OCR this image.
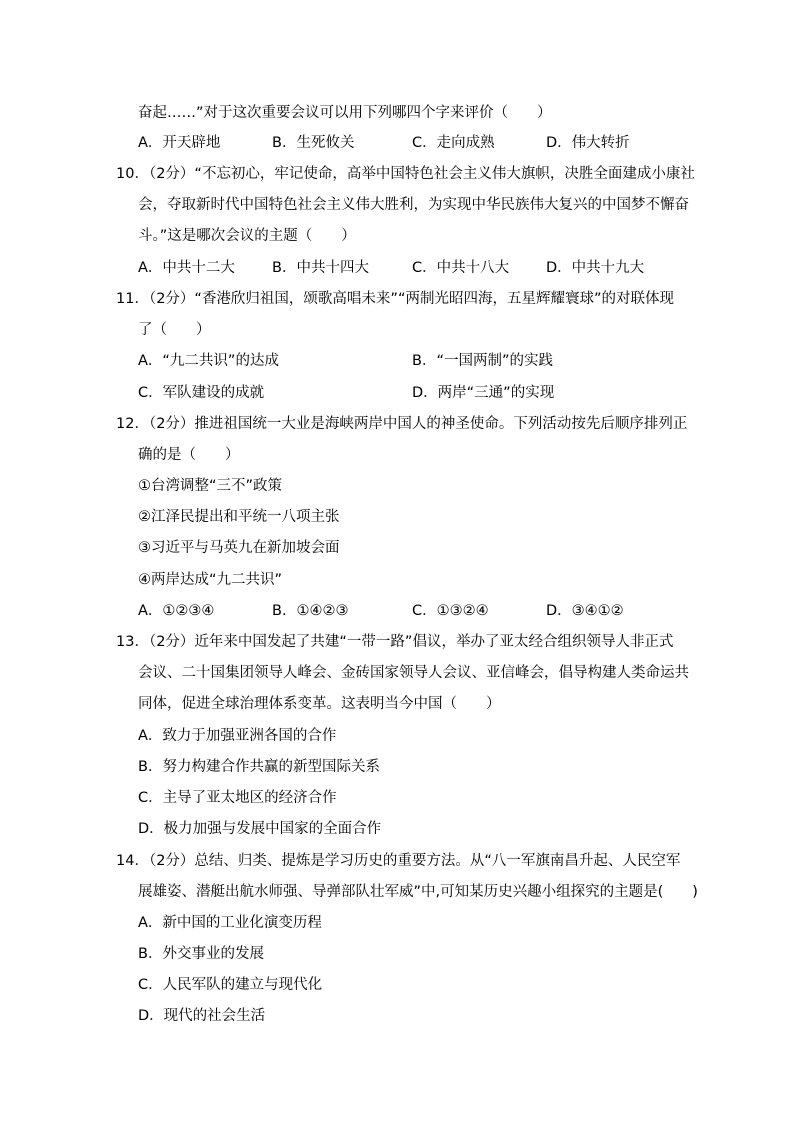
奋起……”对于这次重要会议可以用下列哪四个字来评价（　　）
A．开天辟地	B．生死攸关	C．走向成熟	D．伟大转折
10．（2分）“不忘初心，牢记使命，高举中国特色社会主义伟大旗帜，决胜全面建成小康社
会，夺取新时代中国特色社会主义伟大胜利，为实现中华民族伟大复兴的中国梦不懈奋
斗。”这是哪次会议的主题（　　）
A．中共十二大	B．中共十四大	C．中共十八大	D．中共十九大
11．（2分）“香港欣归祖国，颂歌高唱未来”“两制光昭四海，五星辉耀寰球”的对联体现
了（　　）
A．“九二共识”的达成	B．“一国两制”的实践
C．军队建设的成就	D．两岸“三通”的实现
12．（2分）推进祖国统一大业是海峡两岸中国人的神圣使命。下列活动按先后顺序排列正
确的是（　　）
①台湾调整“三不”政策
②江泽民提出和平统一八项主张
③习近平与马英九在新加坡会面
④两岸达成“九二共识”
A．①②③④	B．①④②③	C．①③②④	D．③④①②
13．（2分）近年来中国发起了共建“一带一路”倡议，举办了亚太经合组织领导人非正式
会议、二十国集团领导人峰会、金砖国家领导人会议、亚信峰会，倡导构建人类命运共
同体，促进全球治理体系变革。这表明当今中国（　　）
A．致力于加强亚洲各国的合作
B．努力构建合作共赢的新型国际关系
C．主导了亚太地区的经济合作
D．极力加强与发展中国家的全面合作
14．（2分）总结、归类、提炼是学习历史的重要方法。从“八一军旗南昌升起、人民空军
展雄姿、潜艇出航水师强、导弹部队壮军威”中,可知某历史兴趣小组探究的主题是(　　)
A．新中国的工业化演变历程
B．外交事业的发展
C．人民军队的建立与现代化
D．现代的社会生活
